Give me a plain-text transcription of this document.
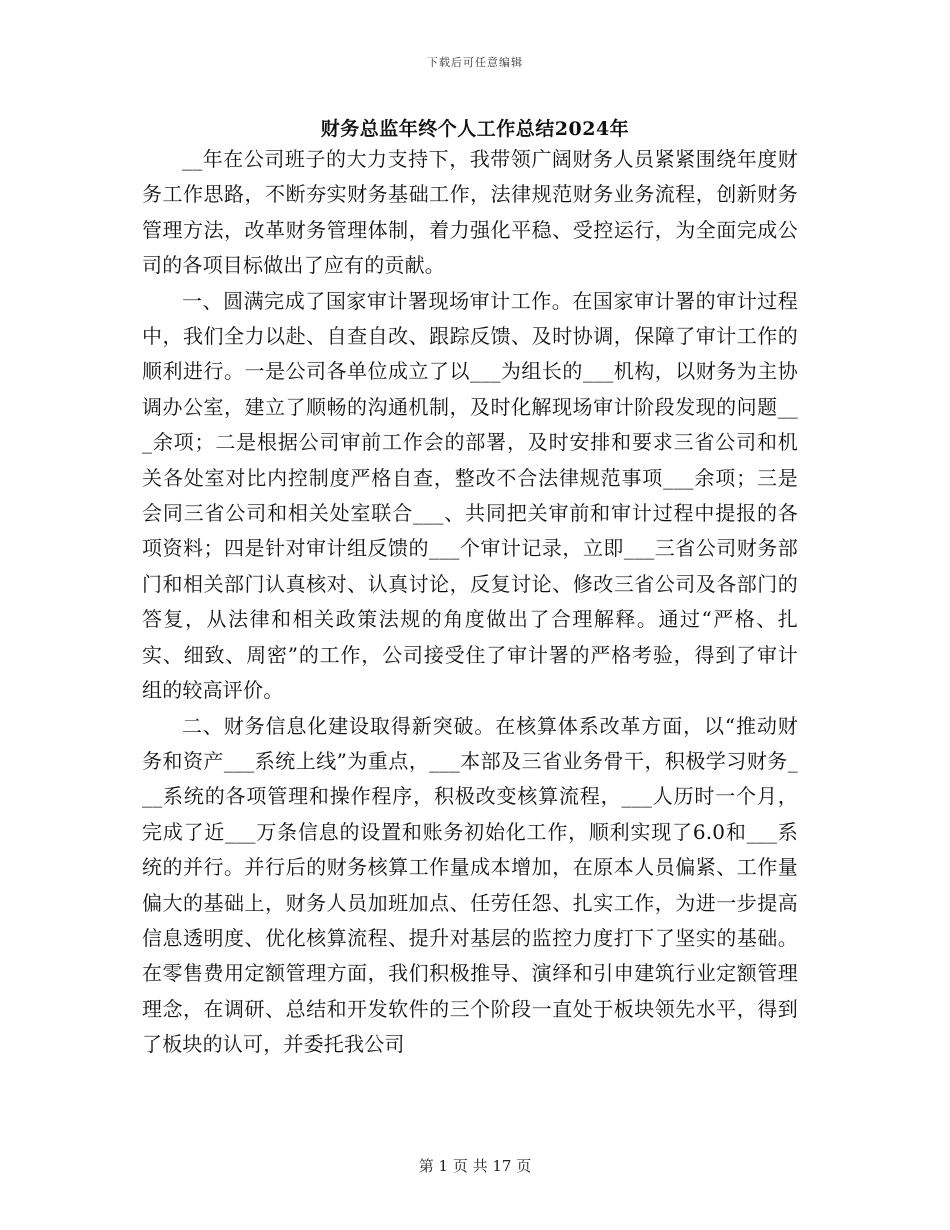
下载后可任意编辑
财务总监年终个人工作总结2024年

__年在公司班子的大力支持下，我带领广阔财务人员紧紧围绕年度财务工作思路，不断夯实财务基础工作，法律规范财务业务流程，创新财务管理方法，改革财务管理体制，着力强化平稳、受控运行，为全面完成公司的各项目标做出了应有的贡献。

一、圆满完成了国家审计署现场审计工作。在国家审计署的审计过程中，我们全力以赴、自查自改、跟踪反馈、及时协调，保障了审计工作的顺利进行。一是公司各单位成立了以___为组长的___机构，以财务为主协调办公室，建立了顺畅的沟通机制，及时化解现场审计阶段发现的问题___余项；二是根据公司审前工作会的部署，及时安排和要求三省公司和机关各处室对比内控制度严格自查，整改不合法律规范事项___余项；三是会同三省公司和相关处室联合___、共同把关审前和审计过程中提报的各项资料；四是针对审计组反馈的___个审计记录，立即___三省公司财务部门和相关部门认真核对、认真讨论，反复讨论、修改三省公司及各部门的答复，从法律和相关政策法规的角度做出了合理解释。通过“严格、扎实、细致、周密”的工作，公司接受住了审计署的严格考验，得到了审计组的较高评价。

二、财务信息化建设取得新突破。在核算体系改革方面，以“推动财务和资产___系统上线”为重点，___本部及三省业务骨干，积极学习财务___系统的各项管理和操作程序，积极改变核算流程，___人历时一个月，完成了近___万条信息的设置和账务初始化工作，顺利实现了6.0和___系统的并行。并行后的财务核算工作量成本增加，在原本人员偏紧、工作量偏大的基础上，财务人员加班加点、任劳任怨、扎实工作，为进一步提高信息透明度、优化核算流程、提升对基层的监控力度打下了坚实的基础。在零售费用定额管理方面，我们积极推导、演绎和引申建筑行业定额管理理念，在调研、总结和开发软件的三个阶段一直处于板块领先水平，得到了板块的认可，并委托我公司

第 1 页 共 17 页
